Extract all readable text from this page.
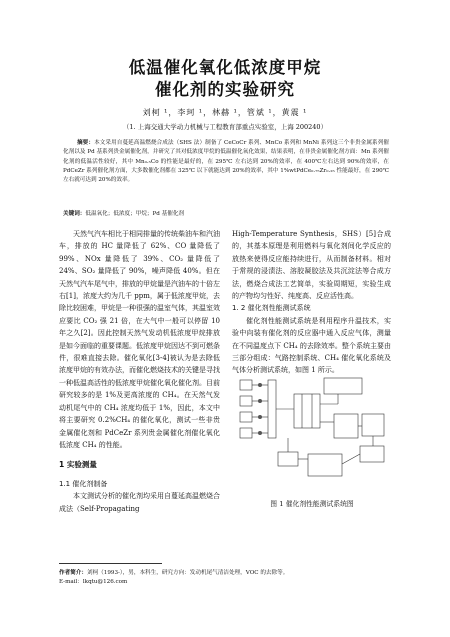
低温催化氧化低浓度甲烷
催化剂的实验研究
刘柯 ¹，李珂 ¹，林赫 ¹，管斌 ¹，黄震 ¹
（1. 上海交通大学动力机械与工程教育部重点实验室，上海 200240）
摘要：本文采用自蔓延高温燃烧合成法（SHS 法）制备了 CeCoCr 系列、MnCo 系列和 MnNi 系列这三个非贵金属系列催化剂以及 Pd 基系列贵金属催化剂，并研究了其对低浓度甲烷的低温催化氧化效果，结果表明，在非贵金属催化剂方面：Mn 系列催化剂的低温活性较好，其中 Mn₀.₅Co 的性能是最好的，在 295℃ 左右达到 20%的效率，在 400℃左右达到 90%的效率，在 PdCeZr 系列催化剂方面，大多数催化剂都在 325℃ 以下就能达到 20%的效率，其中 1%wtPdCe₀.₇₅Zr₀.₂₅ 性能最好，在 290℃左右就可达到 20%的效率。
关键词：低温氧化；低浓度；甲烷；Pd 基催化剂

天然气汽车相比于相同排量的传统柴油车和汽油车，排放的 HC 量降低了 62%、CO 量降低了 99%、NOx 量降低了 39%、CO₂ 量降低了 24%、SO₂ 量降低了 90%，噪声降低 40%。但在天然气汽车尾气中，排放的甲烷量是汽油车的十倍左右[1]，浓度大约为几千 ppm，属于低浓度甲烷，去除比较困难，甲烷是一种很强的温室气体，其温室效应要比 CO₂ 强 21 倍，在大气中一般可以停留 10 年之久[2]。因此控制天然气发动机低浓度甲烷排放是如今面临的重要课题。低浓度甲烷因达不到可燃条件，很难直接去除。催化氧化[3-4]被认为是去除低浓度甲烷的有效办法，而催化燃烧技术的关键是寻找一种低温高活性的低浓度甲烷催化氧化催化剂。目前研究较多的是 1%及更高浓度的 CH₄。在天然气发动机尾气中的 CH₄ 浓度均低于 1%，因此，本文中将主要研究 0.2%CH₄ 的催化氧化，测试一些非贵金属催化剂和 PdCeZr 系列贵金属催化剂催化氧化低浓度 CH₄ 的性能。

1 实验测量
1.1 催化剂制备

本文测试分析的催化剂均采用自蔓延高温燃烧合成法（Self-Propagating

High-Temperature Synthesis，SHS）[5]合成的，其基本原理是利用燃料与氧化剂间化学反应的放热来使得反应能持续进行，从而制备材料。相对于常规的浸渍法、溶胶凝胶法及共沉淀法等合成方法，燃烧合成法工艺简单，实验周期短，实验生成的产物均匀性好、纯度高、反应活性高。

1. 2 催化剂性能测试系统

催化剂性能测试系统是利用程序升温技术，实验中向装有催化剂的反应器中通入反应气体，测量在不同温度点下 CH₄ 的去除效率。整个系统主要由三部分组成：气路控制系统、CH₄ 催化氧化系统及气体分析测试系统，如图 1 所示。

图 1 催化剂性能测试系统图
作者简介：刘柯（1993-），男，本科生，研究方向：发动机尾气清洁处理，VOC 的去除等。
E-mail：lkqtu@126.com
